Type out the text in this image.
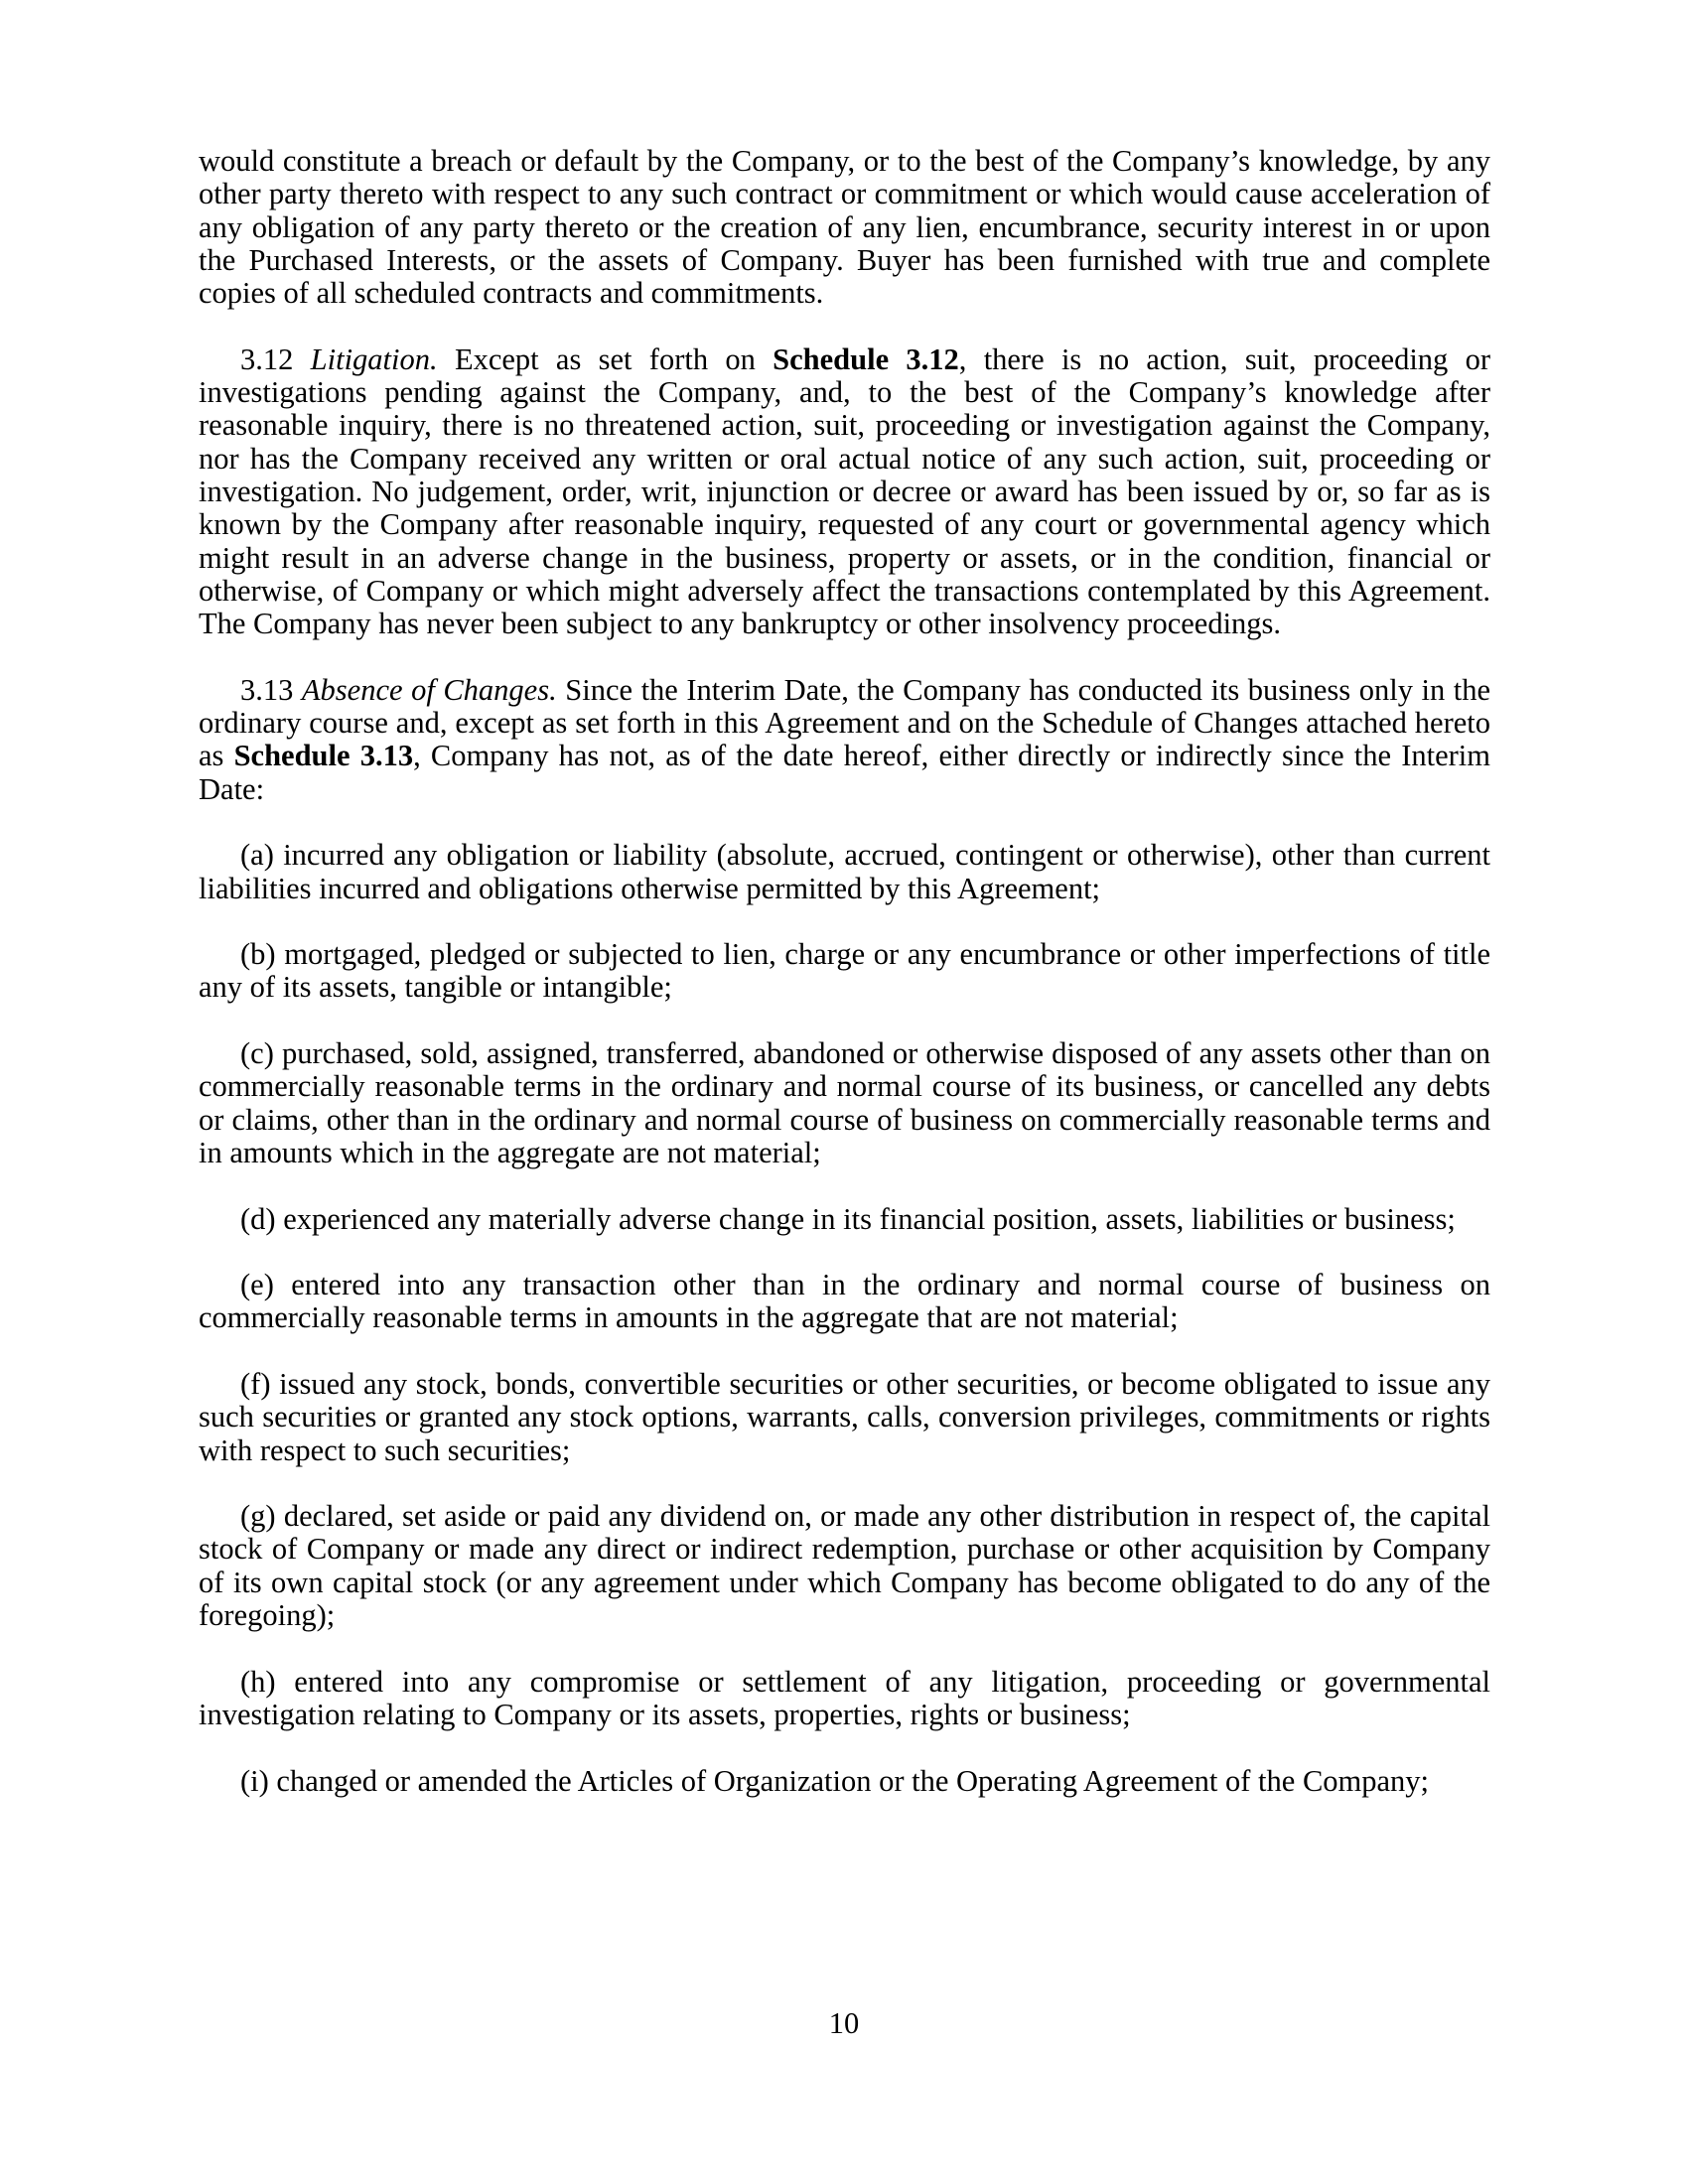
would constitute a breach or default by the Company, or to the best of the Company’s knowledge, by any other party thereto with respect to any such contract or commitment or which would cause acceleration of any obligation of any party thereto or the creation of any lien, encumbrance, security interest in or upon the Purchased Interests, or the assets of Company. Buyer has been furnished with true and complete copies of all scheduled contracts and commitments.

3.12 Litigation. Except as set forth on Schedule 3.12, there is no action, suit, proceeding or investigations pending against the Company, and, to the best of the Company’s knowledge after reasonable inquiry, there is no threatened action, suit, proceeding or investigation against the Company, nor has the Company received any written or oral actual notice of any such action, suit, proceeding or investigation. No judgement, order, writ, injunction or decree or award has been issued by or, so far as is known by the Company after reasonable inquiry, requested of any court or governmental agency which might result in an adverse change in the business, property or assets, or in the condition, financial or otherwise, of Company or which might adversely affect the transactions contemplated by this Agreement. The Company has never been subject to any bankruptcy or other insolvency proceedings.

3.13 Absence of Changes. Since the Interim Date, the Company has conducted its business only in the ordinary course and, except as set forth in this Agreement and on the Schedule of Changes attached hereto as Schedule 3.13, Company has not, as of the date hereof, either directly or indirectly since the Interim Date:

(a) incurred any obligation or liability (absolute, accrued, contingent or otherwise), other than current liabilities incurred and obligations otherwise permitted by this Agreement;

(b) mortgaged, pledged or subjected to lien, charge or any encumbrance or other imperfections of title any of its assets, tangible or intangible;

(c) purchased, sold, assigned, transferred, abandoned or otherwise disposed of any assets other than on commercially reasonable terms in the ordinary and normal course of its business, or cancelled any debts or claims, other than in the ordinary and normal course of business on commercially reasonable terms and in amounts which in the aggregate are not material;

(d) experienced any materially adverse change in its financial position, assets, liabilities or business;

(e) entered into any transaction other than in the ordinary and normal course of business on commercially reasonable terms in amounts in the aggregate that are not material;

(f) issued any stock, bonds, convertible securities or other securities, or become obligated to issue any such securities or granted any stock options, warrants, calls, conversion privileges, commitments or rights with respect to such securities;

(g) declared, set aside or paid any dividend on, or made any other distribution in respect of, the capital stock of Company or made any direct or indirect redemption, purchase or other acquisition by Company of its own capital stock (or any agreement under which Company has become obligated to do any of the foregoing);

(h) entered into any compromise or settlement of any litigation, proceeding or governmental investigation relating to Company or its assets, properties, rights or business;

(i) changed or amended the Articles of Organization or the Operating Agreement of the Company;

10
